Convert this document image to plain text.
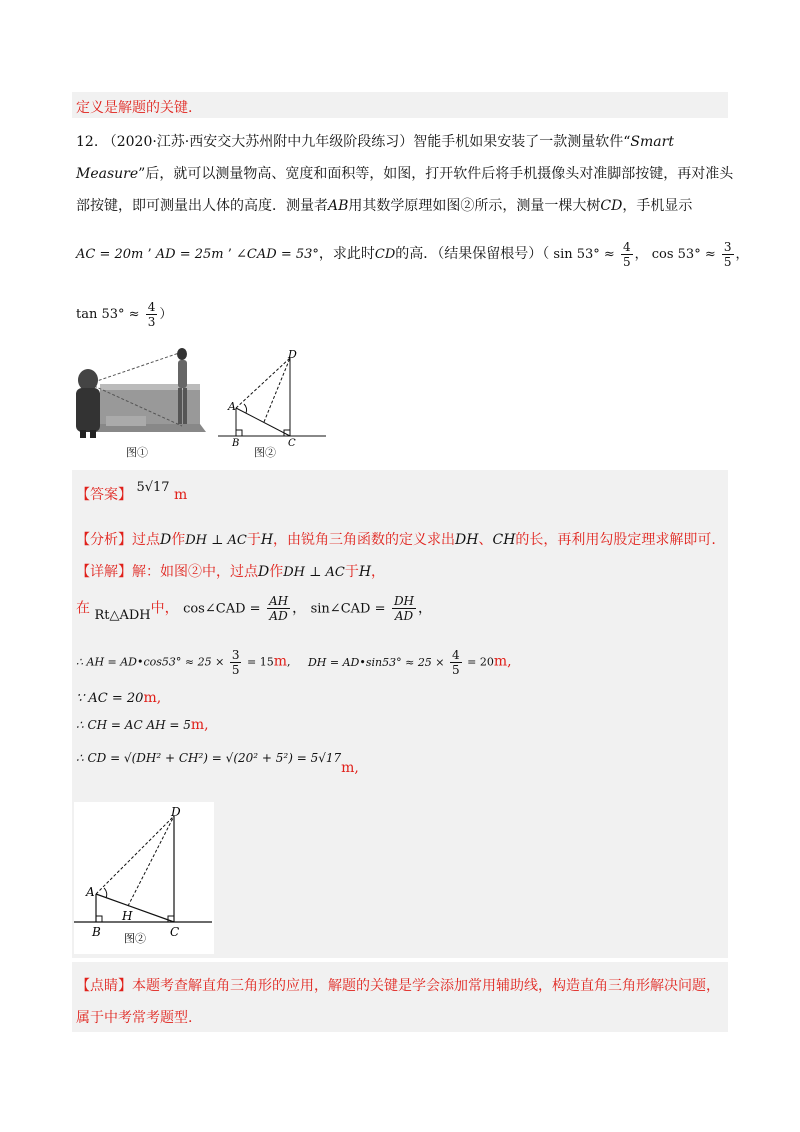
定义是解题的关键.
12. （2020·江苏·西安交大苏州附中九年级阶段练习）智能手机如果安装了一款测量软件“Smart
Measure”后，就可以测量物高、宽度和面积等，如图，打开软件后将手机摄像头对准脚部按键，再对准头
部按键，即可测量出人体的高度．测量者AB用其数学原理如图②所示，测量一棵大树CD，手机显示
AC = 20m ’ AD = 25m ’ ∠CAD = 53°，求此时CD的高．（结果保留根号）（ $\sin 53^\circ \approx \frac{4}{5}$ ， $\cos 53^\circ \approx \frac{3}{5}$ ，
$\tan 53^\circ \approx \frac{4}{3}$ ）
图①
D
A
B	C
图②
【答案】 5√17 m
【分析】过点D作DH ⊥ AC于H，由锐角三角函数的定义求出DH、CH的长，再利用勾股定理求解即可.
【详解】解：如图②中，过点D作DH ⊥ AC于H，
在 Rt△ADH中， cos∠CAD = $\frac{AH}{AD}$ ， sin∠CAD = $\frac{DH}{AD}$ ，
∴ AH = AD•cos53° ≈ $25 \times \frac{3}{5} = 15m$, DH = AD•sin53° ≈ $25 \times \frac{4}{5} = 20m$,
∵ AC = 20m,
∴ CH = AC AH = 5m,
∴ CD = √(DH² + CH²) = √(20² + 5²) = 5√17m,
D
A
H
B	C
图②
【点睛】本题考查解直角三角形的应用，解题的关键是学会添加常用辅助线，构造直角三角形解决问题，
属于中考常考题型.
